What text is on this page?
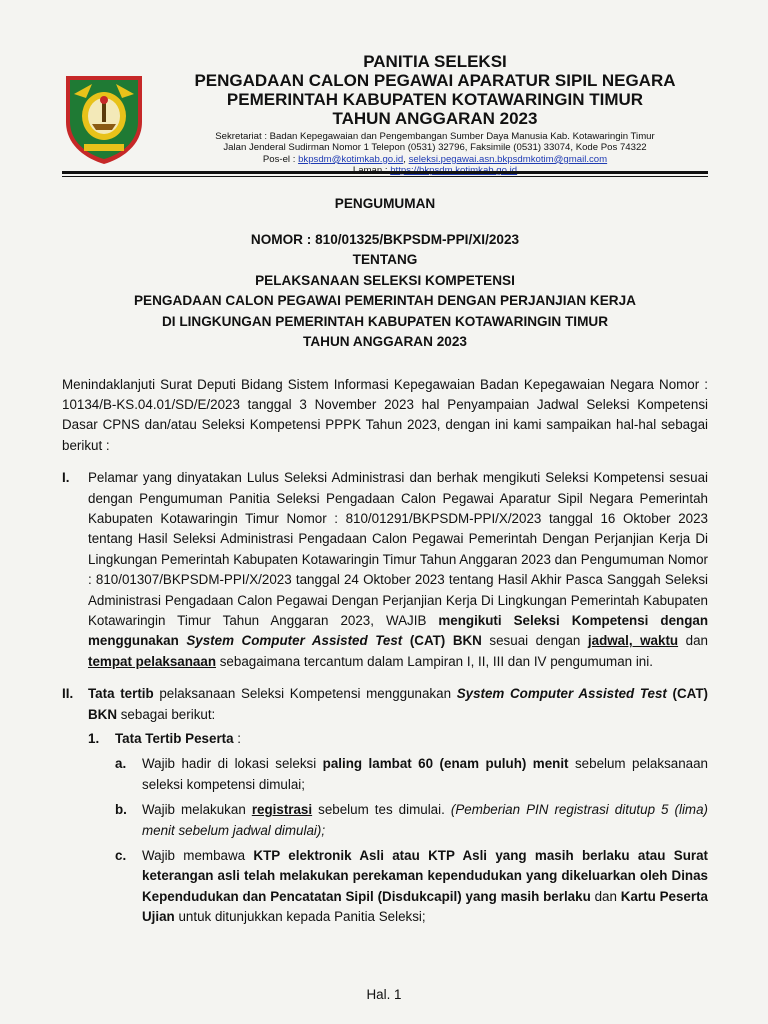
PANITIA SELEKSI
PENGADAAN CALON PEGAWAI APARATUR SIPIL NEGARA
PEMERINTAH KABUPATEN KOTAWARINGIN TIMUR
TAHUN ANGGARAN 2023
Sekretariat : Badan Kepegawaian dan Pengembangan Sumber Daya Manusia Kab. Kotawaringin Timur
Jalan Jenderal Sudirman Nomor 1 Telepon (0531) 32796, Faksimile (0531) 33074, Kode Pos 74322
Pos-el : bkpsdm@kotimkab.go.id, seleksi.pegawai.asn.bkpsdmkotim@gmail.com
Laman : https://bkpsdm.kotimkab.go.id
PENGUMUMAN
NOMOR : 810/01325/BKPSDM-PPI/XI/2023
TENTANG
PELAKSANAAN SELEKSI KOMPETENSI
PENGADAAN CALON PEGAWAI PEMERINTAH DENGAN PERJANJIAN KERJA
DI LINGKUNGAN PEMERINTAH KABUPATEN KOTAWARINGIN TIMUR
TAHUN ANGGARAN 2023

Menindaklanjuti Surat Deputi Bidang Sistem Informasi Kepegawaian Badan Kepegawaian Negara Nomor : 10134/B-KS.04.01/SD/E/2023 tanggal 3 November 2023 hal Penyampaian Jadwal Seleksi Kompetensi Dasar CPNS dan/atau Seleksi Kompetensi PPPK Tahun 2023, dengan ini kami sampaikan hal-hal sebagai berikut :

I. Pelamar yang dinyatakan Lulus Seleksi Administrasi dan berhak mengikuti Seleksi Kompetensi sesuai dengan Pengumuman Panitia Seleksi Pengadaan Calon Pegawai Aparatur Sipil Negara Pemerintah Kabupaten Kotawaringin Timur Nomor : 810/01291/BKPSDM-PPI/X/2023 tanggal 16 Oktober 2023 tentang Hasil Seleksi Administrasi Pengadaan Calon Pegawai Pemerintah Dengan Perjanjian Kerja Di Lingkungan Pemerintah Kabupaten Kotawaringin Timur Tahun Anggaran 2023 dan Pengumuman Nomor : 810/01307/BKPSDM-PPI/X/2023 tanggal 24 Oktober 2023 tentang Hasil Akhir Pasca Sanggah Seleksi Administrasi Pengadaan Calon Pegawai Dengan Perjanjian Kerja Di Lingkungan Pemerintah Kabupaten Kotawaringin Timur Tahun Anggaran 2023, WAJIB mengikuti Seleksi Kompetensi dengan menggunakan System Computer Assisted Test (CAT) BKN sesuai dengan jadwal, waktu dan tempat pelaksanaan sebagaimana tercantum dalam Lampiran I, II, III dan IV pengumuman ini.
II. Tata tertib pelaksanaan Seleksi Kompetensi menggunakan System Computer Assisted Test (CAT) BKN sebagai berikut:
1. Tata Tertib Peserta :
a. Wajib hadir di lokasi seleksi paling lambat 60 (enam puluh) menit sebelum pelaksanaan seleksi kompetensi dimulai;
b. Wajib melakukan registrasi sebelum tes dimulai. (Pemberian PIN registrasi ditutup 5 (lima) menit sebelum jadwal dimulai);
c. Wajib membawa KTP elektronik Asli atau KTP Asli yang masih berlaku atau Surat keterangan asli telah melakukan perekaman kependudukan yang dikeluarkan oleh Dinas Kependudukan dan Pencatatan Sipil (Disdukcapil) yang masih berlaku dan Kartu Peserta Ujian untuk ditunjukkan kepada Panitia Seleksi;
Hal. 1
